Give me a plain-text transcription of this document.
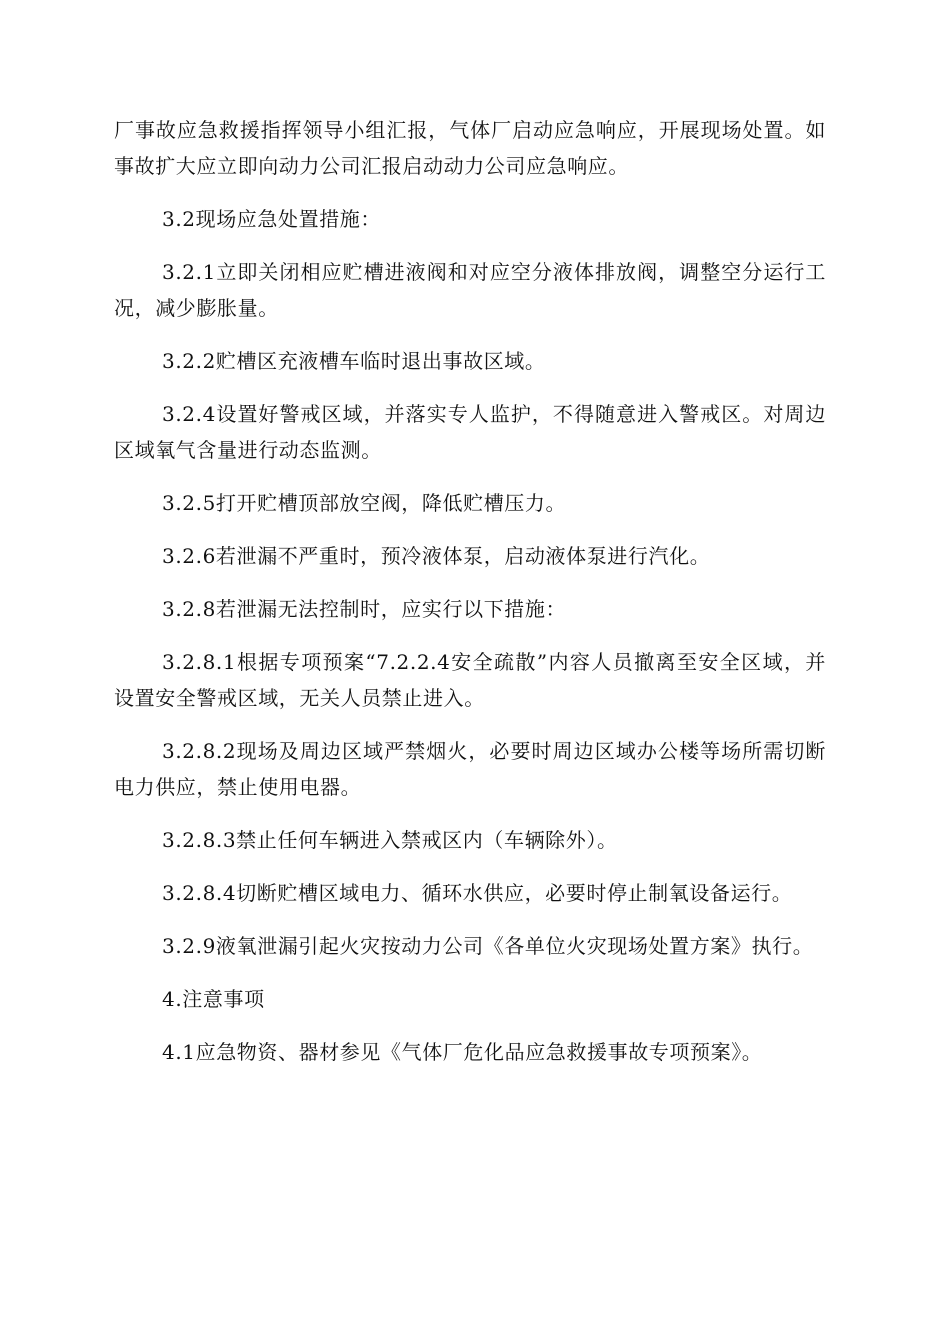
厂事故应急救援指挥领导小组汇报，气体厂启动应急响应，开展现场处置。如事故扩大应立即向动力公司汇报启动动力公司应急响应。

3.2现场应急处置措施：

3.2.1立即关闭相应贮槽进液阀和对应空分液体排放阀，调整空分运行工况，减少膨胀量。

3.2.2贮槽区充液槽车临时退出事故区域。

3.2.4设置好警戒区域，并落实专人监护，不得随意进入警戒区。对周边区域氧气含量进行动态监测。

3.2.5打开贮槽顶部放空阀，降低贮槽压力。

3.2.6若泄漏不严重时，预冷液体泵，启动液体泵进行汽化。

3.2.8若泄漏无法控制时，应实行以下措施：

3.2.8.1根据专项预案“7.2.2.4安全疏散”内容人员撤离至安全区域，并设置安全警戒区域，无关人员禁止进入。

3.2.8.2现场及周边区域严禁烟火，必要时周边区域办公楼等场所需切断电力供应，禁止使用电器。

3.2.8.3禁止任何车辆进入禁戒区内（车辆除外）。

3.2.8.4切断贮槽区域电力、循环水供应，必要时停止制氧设备运行。

3.2.9液氧泄漏引起火灾按动力公司《各单位火灾现场处置方案》执行。

4.注意事项

4.1应急物资、器材参见《气体厂危化品应急救援事故专项预案》。
